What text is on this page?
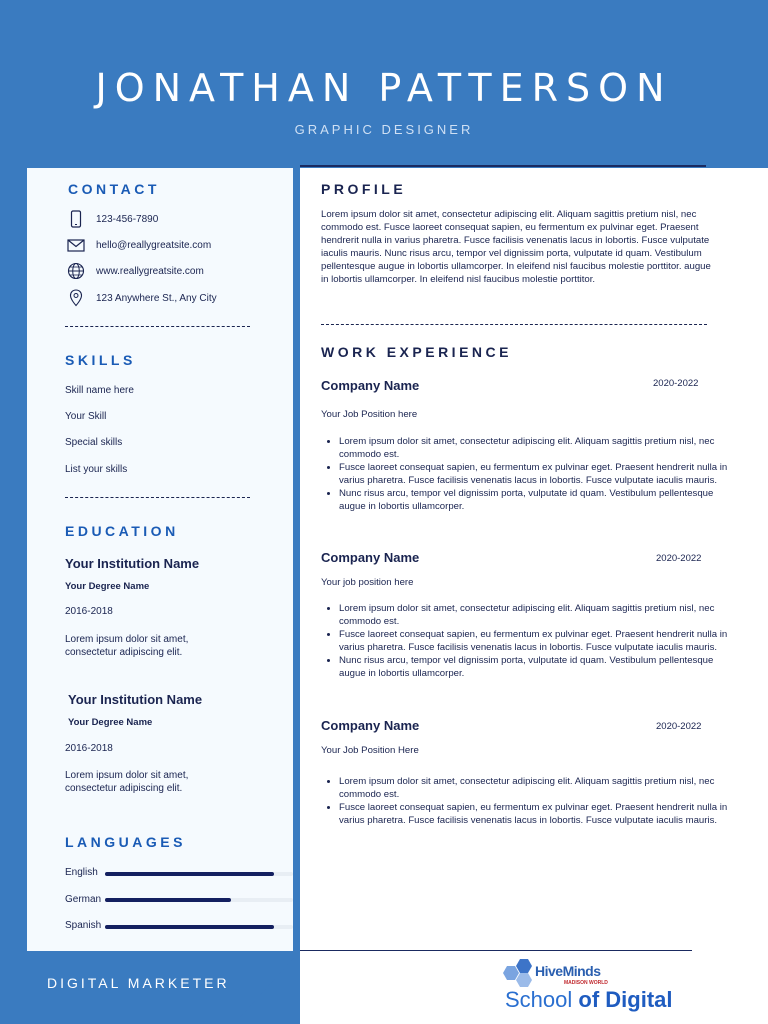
JONATHAN PATTERSON
GRAPHIC DESIGNER
DIGITAL MARKETER
CONTACT
123-456-7890
hello@reallygreatsite.com
www.reallygreatsite.com
123 Anywhere St., Any City
SKILLS
Skill name here
Your Skill
Special skills
List your skills
EDUCATION
Your Institution Name
Your Degree Name
2016-2018
Lorem ipsum dolor sit amet, consectetur adipiscing elit.
Your Institution Name
Your Degree Name
2016-2018
Lorem ipsum dolor sit amet, consectetur adipiscing elit.
LANGUAGES
English
German
Spanish
PROFILE

Lorem ipsum dolor sit amet, consectetur adipiscing elit. Aliquam sagittis pretium nisl, nec commodo est. Fusce laoreet consequat sapien, eu fermentum ex pulvinar eget. Praesent hendrerit nulla in varius pharetra. Fusce facilisis venenatis lacus in lobortis. Fusce vulputate iaculis mauris. Nunc risus arcu, tempor vel dignissim porta, vulputate id quam. Vestibulum pellentesque augue in lobortis ullamcorper. In eleifend nisl faucibus molestie porttitor. augue in lobortis ullamcorper. In eleifend nisl faucibus molestie porttitor.

WORK EXPERIENCE
Company Name	2020-2022
Your Job Position here
• Lorem ipsum dolor sit amet, consectetur adipiscing elit. Aliquam sagittis pretium nisl, nec commodo est.
• Fusce laoreet consequat sapien, eu fermentum ex pulvinar eget. Praesent hendrerit nulla in varius pharetra. Fusce facilisis venenatis lacus in lobortis. Fusce vulputate iaculis mauris.
• Nunc risus arcu, tempor vel dignissim porta, vulputate id quam. Vestibulum pellentesque augue in lobortis ullamcorper.
Company Name	2020-2022
Your job position here
• Lorem ipsum dolor sit amet, consectetur adipiscing elit. Aliquam sagittis pretium nisl, nec commodo est.
• Fusce laoreet consequat sapien, eu fermentum ex pulvinar eget. Praesent hendrerit nulla in varius pharetra. Fusce facilisis venenatis lacus in lobortis. Fusce vulputate iaculis mauris.
• Nunc risus arcu, tempor vel dignissim porta, vulputate id quam. Vestibulum pellentesque augue in lobortis ullamcorper.
Company Name	2020-2022
Your Job Position Here
• Lorem ipsum dolor sit amet, consectetur adipiscing elit. Aliquam sagittis pretium nisl, nec commodo est.
• Fusce laoreet consequat sapien, eu fermentum ex pulvinar eget. Praesent hendrerit nulla in varius pharetra. Fusce facilisis venenatis lacus in lobortis. Fusce vulputate iaculis mauris.
HiveMinds
MADISON WORLD
School of Digital
